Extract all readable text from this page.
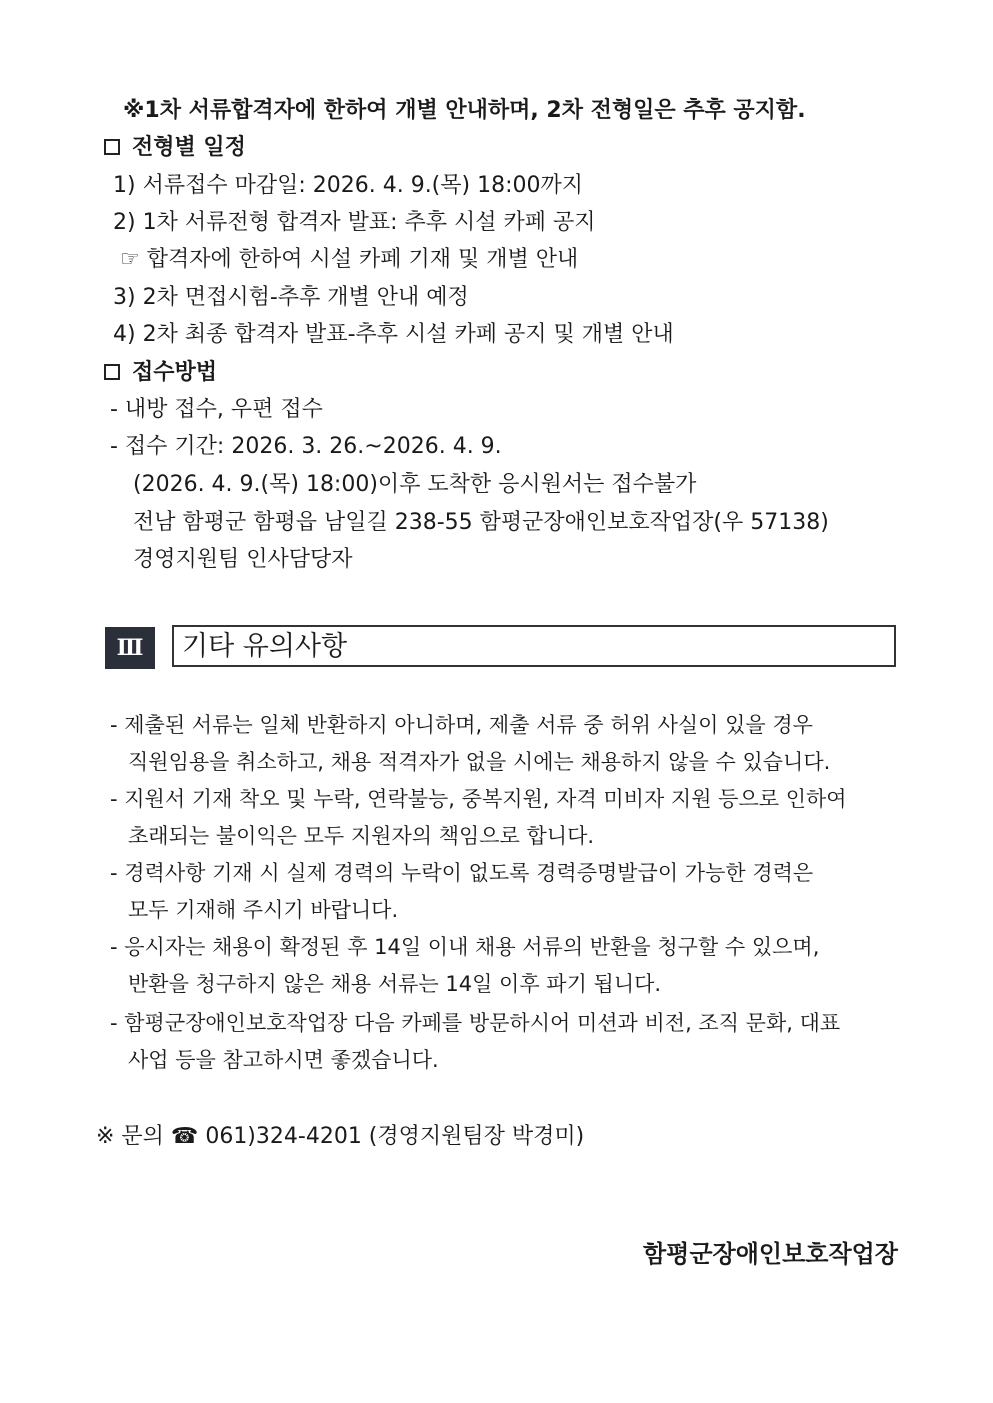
※1차 서류합격자에 한하여 개별 안내하며, 2차 전형일은 추후 공지함.
전형별 일정
1) 서류접수 마감일: 2026. 4. 9.(목) 18:00까지
2) 1차 서류전형 합격자 발표: 추후 시설 카페 공지
☞ 합격자에 한하여 시설 카페 기재 및 개별 안내
3) 2차 면접시험-추후 개별 안내 예정
4) 2차 최종 합격자 발표-추후 시설 카페 공지 및 개별 안내
접수방법
- 내방 접수, 우편 접수
- 접수 기간: 2026. 3. 26.~2026. 4. 9.
(2026. 4. 9.(목) 18:00)이후 도착한 응시원서는 접수불가
전남 함평군 함평읍 남일길 238-55 함평군장애인보호작업장(우 57138)
경영지원팀 인사담당자
Ⅲ	기타 유의사항
- 제출된 서류는 일체 반환하지 아니하며, 제출 서류 중 허위 사실이 있을 경우
직원임용을 취소하고, 채용 적격자가 없을 시에는 채용하지 않을 수 있습니다.
- 지원서 기재 착오 및 누락, 연락불능, 중복지원, 자격 미비자 지원 등으로 인하여
초래되는 불이익은 모두 지원자의 책임으로 합니다.
- 경력사항 기재 시 실제 경력의 누락이 없도록 경력증명발급이 가능한 경력은
모두 기재해 주시기 바랍니다.
- 응시자는 채용이 확정된 후 14일 이내 채용 서류의 반환을 청구할 수 있으며,
반환을 청구하지 않은 채용 서류는 14일 이후 파기 됩니다.
- 함평군장애인보호작업장 다음 카페를 방문하시어 미션과 비전, 조직 문화, 대표
사업 등을 참고하시면 좋겠습니다.
※ 문의 ☎ 061)324-4201 (경영지원팀장 박경미)
함평군장애인보호작업장
